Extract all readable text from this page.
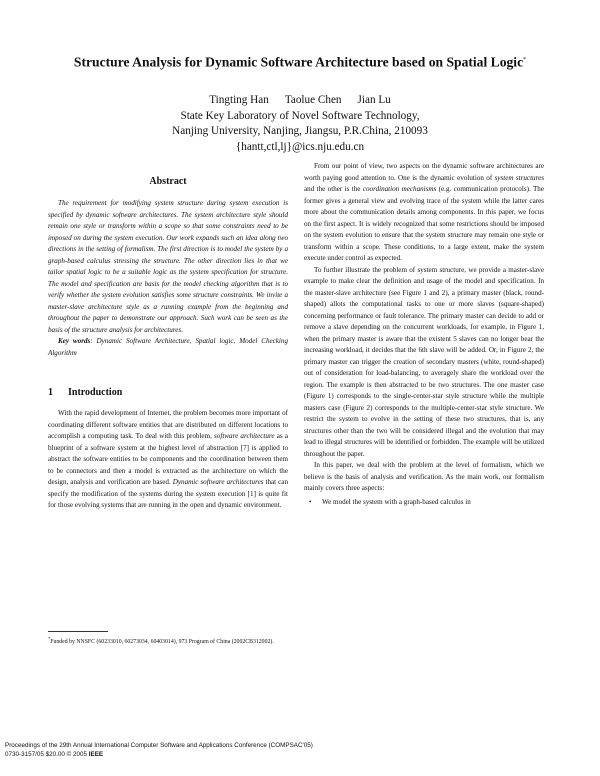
Structure Analysis for Dynamic Software Architecture based on Spatial Logic*
Tingting Han Taolue Chen Jian Lu
State Key Laboratory of Novel Software Technology,
Nanjing University, Nanjing, Jiangsu, P.R.China, 210093
{hantt,ctl,lj}@ics.nju.edu.cn
Abstract

The requirement for modifying system structure during system execution is specified by dynamic software architectures. The system architecture style should remain one style or transform within a scope so that some constraints need to be imposed on during the system execution. Our work expands such an idea along two directions in the setting of formalism. The first direction is to model the system by a graph-based calculus stressing the structure. The other direction lies in that we tailor spatial logic to be a suitable logic as the system specification for structure. The model and specification are basis for the model checking algorithm that is to verify whether the system evolution satisfies some structure constraints. We invite a master-slave architecture style as a running example from the beginning and throughout the paper to demonstrate our approach. Such work can be seen as the basis of the structure analysis for architectures.

Key words: Dynamic Software Architecture, Spatial logic, Model Checking Algorithm

1 Introduction

With the rapid development of Internet, the problem becomes more important of coordinating different software entities that are distributed on different locations to accomplish a computing task. To deal with this problem, software architecture as a blueprint of a software system at the highest level of abstraction [7] is applied to abstract the software entities to be components and the coordination between them to be connectors and then a model is extracted as the architecture on which the design, analysis and verification are based. Dynamic software architectures that can specify the modification of the systems during the system execution [1] is quite fit for those evolving systems that are running in the open and dynamic environment.

*Funded by NNSFC (60233010, 60273034, 60403014), 973 Program of China (2002CB312002).

From our point of view, two aspects on the dynamic software architectures are worth paying good attention to. One is the dynamic evolution of system structures and the other is the coordination mechanisms (e.g. communication protocols). The former gives a general view and evolving trace of the system while the latter cares more about the communication details among components. In this paper, we focus on the first aspect. It is widely recognized that some restrictions should be imposed on the system evolution to ensure that the system structure may remain one style or transform within a scope. These conditions, to a large extent, make the system execute under control as expected.

To further illustrate the problem of system structure, we provide a master-slave example to make clear the definition and usage of the model and specification. In the master-slave architecture (see Figure 1 and 2), a primary master (black, round-shaped) allots the computational tasks to one or more slaves (square-shaped) concerning performance or fault tolerance. The primary master can decide to add or remove a slave depending on the concurrent workloads, for example, in Figure 1, when the primary master is aware that the existent 5 slaves can no longer bear the increasing workload, it decides that the 6th slave will be added. Or, in Figure 2, the primary master can trigger the creation of secondary masters (white, round-shaped) out of consideration for load-balancing, to averagely share the workload over the region. The example is then abstracted to be two structures. The one master case (Figure 1) corresponds to the single-center-star style structure while the multiple masters case (Figure 2) corresponds to the multiple-center-star style structure. We restrict the system to evolve in the setting of these two structures, that is, any structures other than the two will be considered illegal and the evolution that may lead to illegal structures will be identified or forbidden. The example will be utilized throughout the paper.

In this paper, we deal with the problem at the level of formalism, which we believe is the basis of analysis and verification. As the main work, our formalism mainly covers three aspects:

• We model the system with a graph-based calculus in
Proceedings of the 29th Annual International Computer Software and Applications Conference (COMPSAC'05)
0730-3157/05 $20.00 © 2005 IEEE
